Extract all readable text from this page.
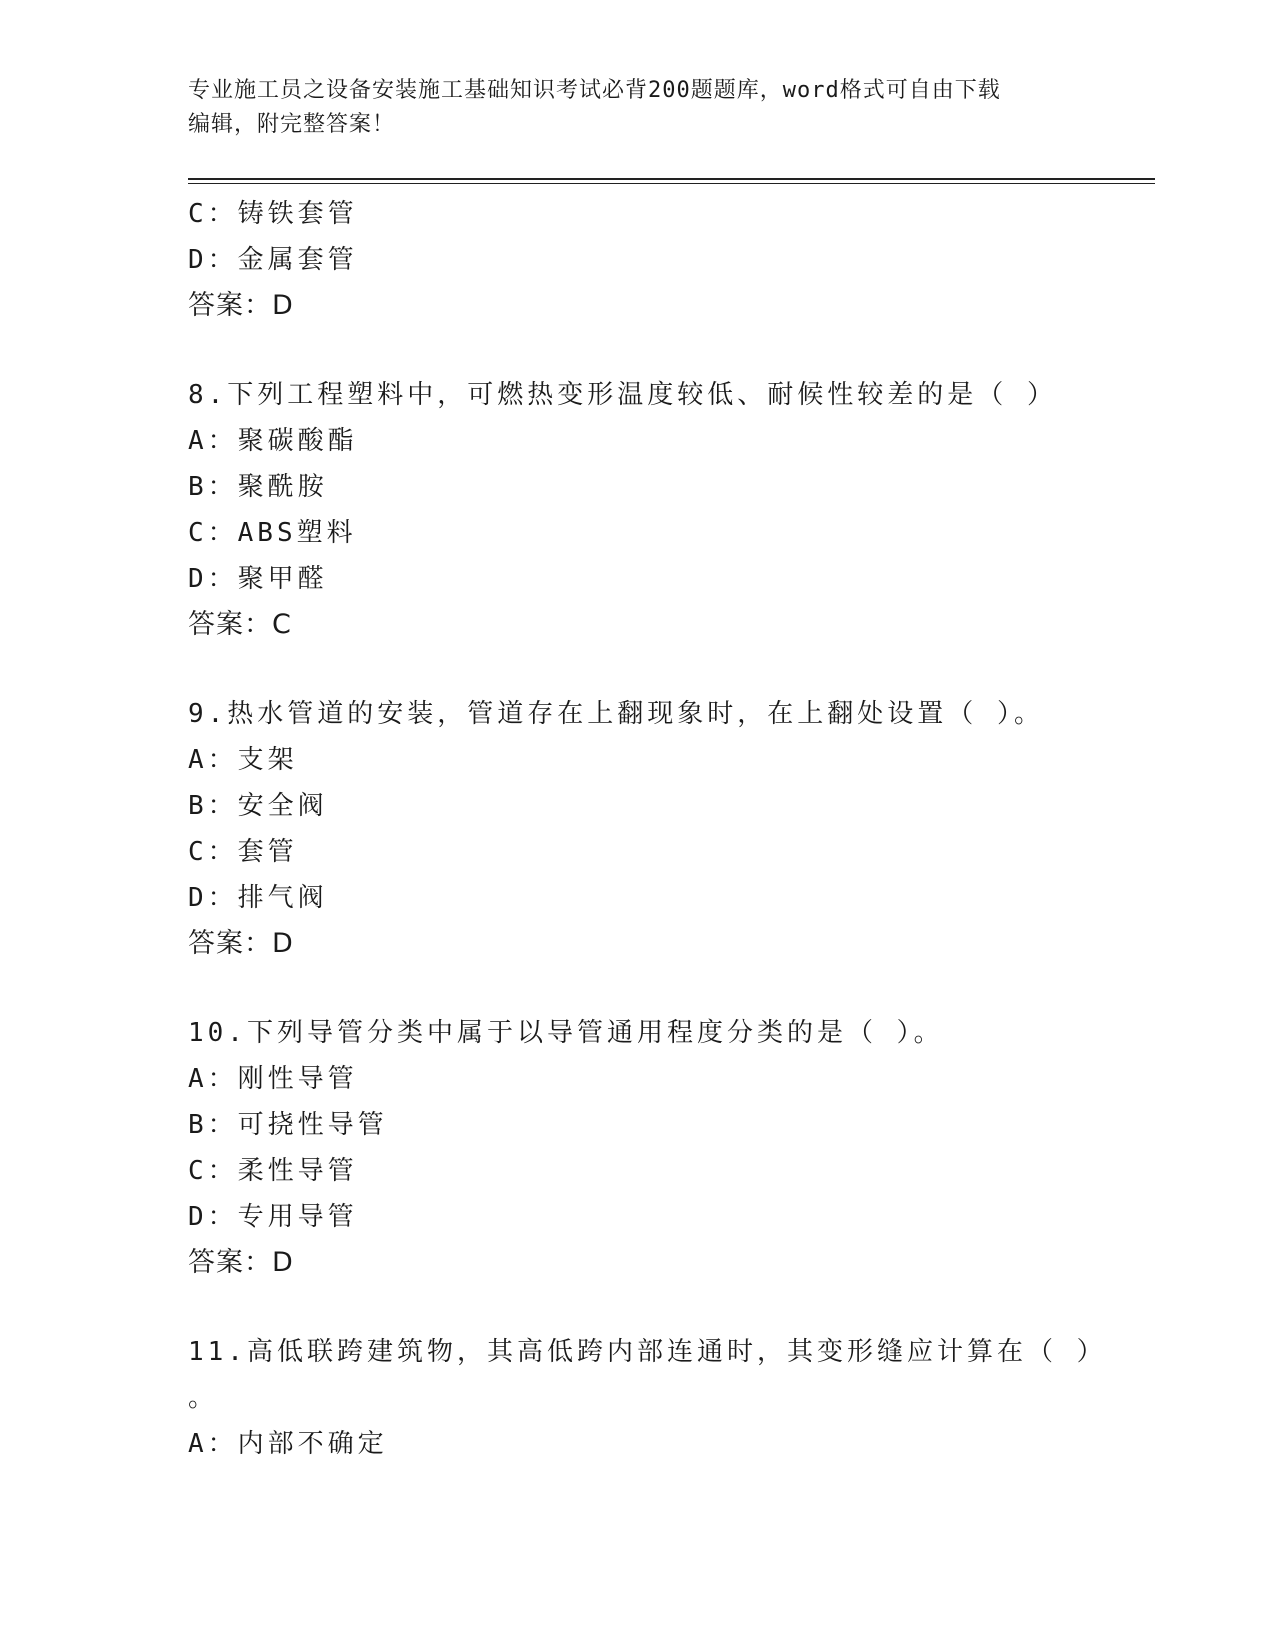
专业施工员之设备安装施工基础知识考试必背200题题库，word格式可自由下载
编辑，附完整答案！
C：铸铁套管
D：金属套管
答案：D
8.下列工程塑料中，可燃热变形温度较低、耐候性较差的是（ ）
A：聚碳酸酯
B：聚酰胺
C：ABS塑料
D：聚甲醛
答案：C
9.热水管道的安装，管道存在上翻现象时，在上翻处设置（ ）。
A：支架
B：安全阀
C：套管
D：排气阀
答案：D
10.下列导管分类中属于以导管通用程度分类的是（ ）。
A：刚性导管
B：可挠性导管
C：柔性导管
D：专用导管
答案：D
11.高低联跨建筑物，其高低跨内部连通时，其变形缝应计算在（ ）
。
A：内部不确定
